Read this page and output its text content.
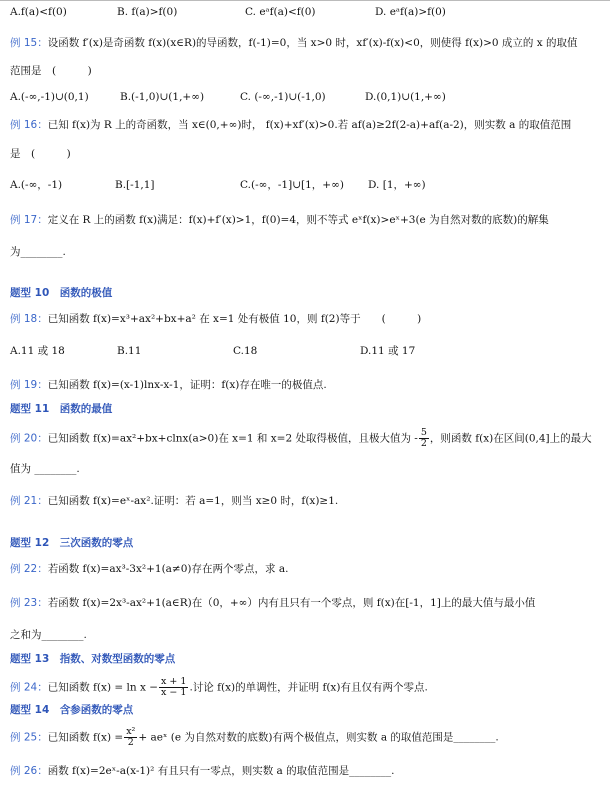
A.f(a)<f(0)	B. f(a)>f(0)	C. eᵃf(a)<f(0)	D. eᵃf(a)>f(0)
例 15：设函数 f′(x)是奇函数 f(x)(x∈R)的导函数，f(-1)=0，当 x>0 时，xf′(x)-f(x)<0，则使得 f(x)>0 成立的 x 的取值
范围是　(　　　)
A.(-∞,-1)∪(0,1)	B.(-1,0)∪(1,+∞)	C. (-∞,-1)∪(-1,0)	D.(0,1)∪(1,+∞)
例 16：已知 f(x)为 R 上的奇函数，当 x∈(0,+∞)时， f(x)+xf′(x)>0.若 af(a)≥2f(2-a)+af(a-2)，则实数 a 的取值范围
是　(　　　)
A.(-∞，-1)	B.[-1,1]	C.(-∞，-1]∪[1，+∞) D. [1，+∞)
例 17：定义在 R 上的函数 f(x)满足：f(x)+f′(x)>1，f(0)=4，则不等式 eˣf(x)>eˣ+3(e 为自然对数的底数)的解集
为________.
题型 10　函数的极值
例 18：已知函数 f(x)=x³+ax²+bx+a² 在 x=1 处有极值 10，则 f(2)等于　　(　　　)
A.11 或 18	B.11	C.18	D.11 或 17
例 19：已知函数 f(x)=(x-1)lnx-x-1，证明：f(x)存在唯一的极值点.
题型 11　函数的最值
例 20：已知函数 f(x)=ax²+bx+clnx(a>0)在 x=1 和 x=2 处取得极值，且极大值为 - $\frac{5}{2}$ ，则函数 f(x)在区间(0,4]上的最大
值为 ________.
例 21：已知函数 f(x)=eˣ-ax².证明：若 a=1，则当 x≥0 时，f(x)≥1.
题型 12　三次函数的零点
例 22：若函数 f(x)=ax³-3x²+1(a≠0)存在两个零点，求 a.
例 23：若函数 f(x)=2x³-ax²+1(a∈R)在（0，+∞）内有且只有一个零点，则 f(x)在[-1，1]上的最大值与最小值
之和为________.
题型 13　指数、对数型函数的零点
例 24：已知函数 $f(x) = \ln x - \frac{x + 1}{x - 1}$ .讨论 f(x)的单调性，并证明 f(x)有且仅有两个零点.
题型 14　含参函数的零点
例 25：已知函数 $f(x) = \frac{\text{x²}}{2}$ + aeˣ (e 为自然对数的底数)有两个极值点，则实数 a 的取值范围是________.
例 26：函数 f(x)=2eˣ-a(x-1)² 有且只有一零点，则实数 a 的取值范围是________.
